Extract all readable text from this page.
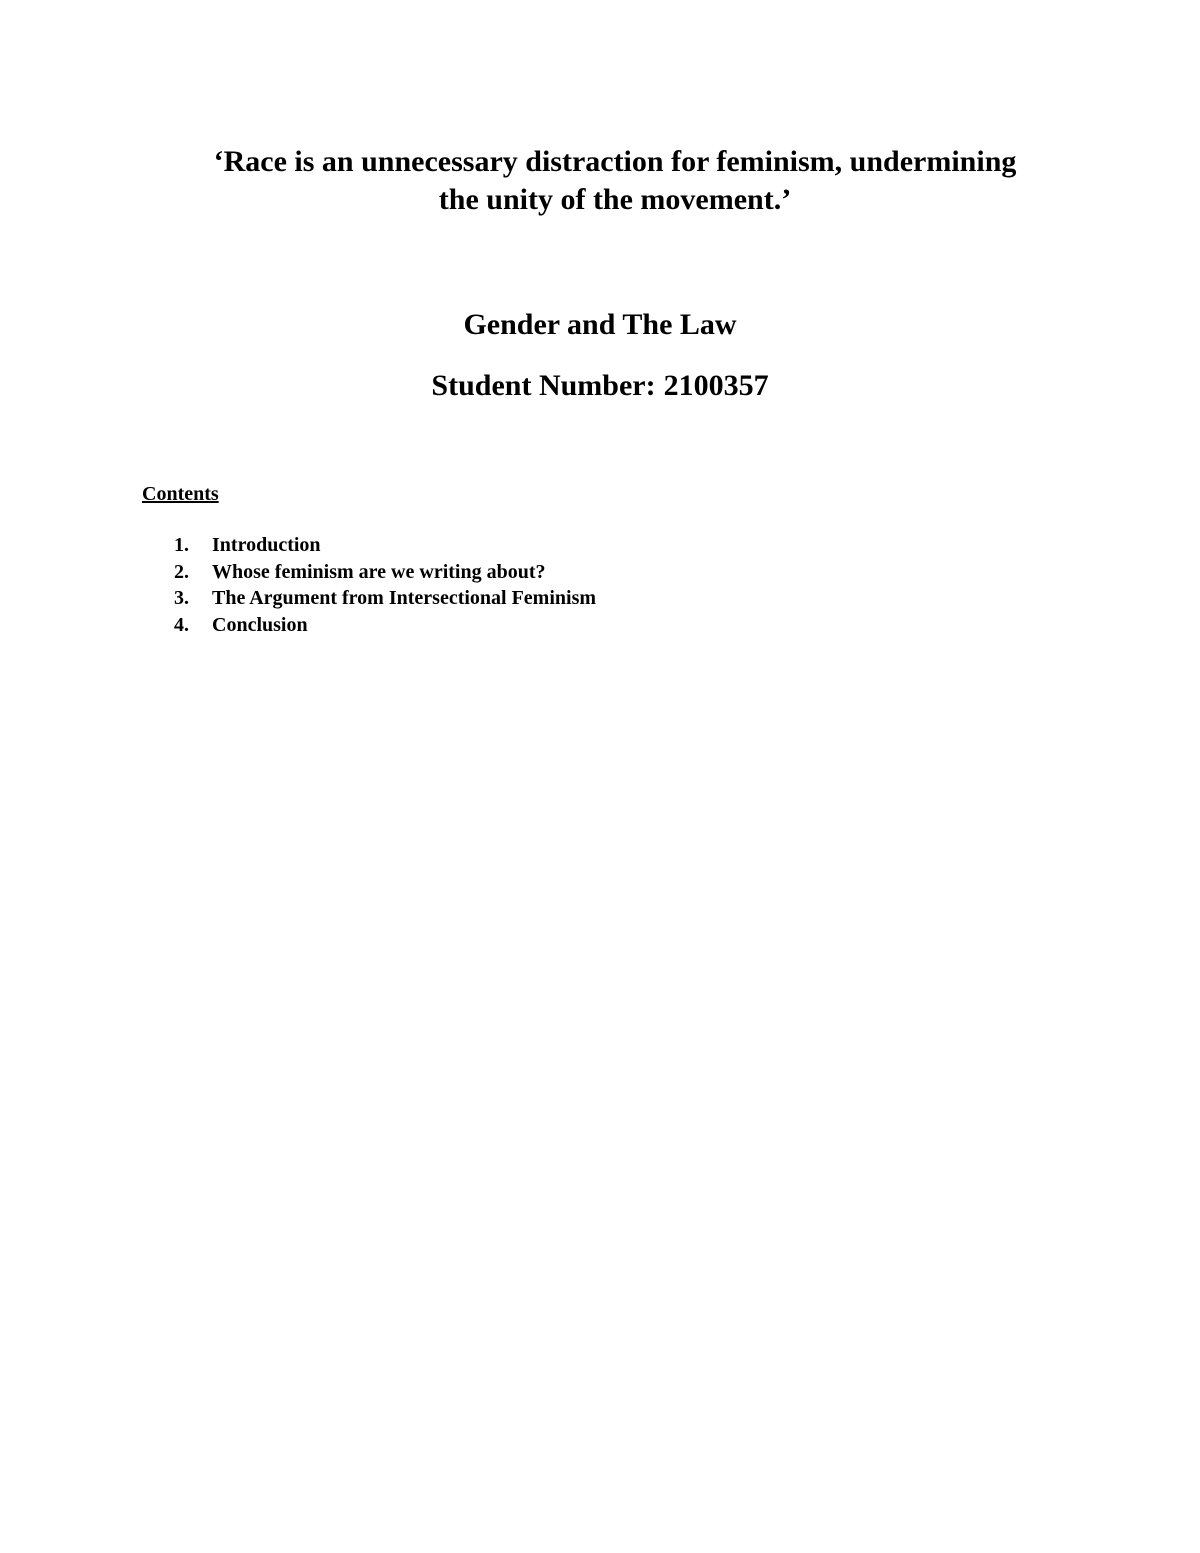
‘Race is an unnecessary distraction for feminism, undermining
the unity of the movement.’
Gender and The Law
Student Number: 2100357
Contents
1.	Introduction
2.	Whose feminism are we writing about?
3.	The Argument from Intersectional Feminism
4.	Conclusion
